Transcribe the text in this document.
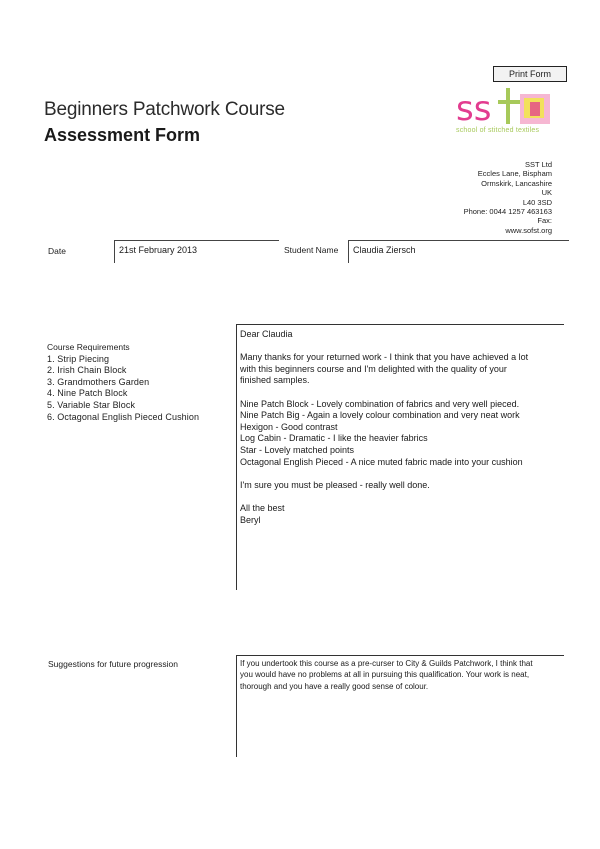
Print Form
Beginners Patchwork Course
Assessment Form
ss
school of stitched textiles
SST Ltd
Eccles Lane, Bispham
Ormskirk, Lancashire
UK
L40 3SD
Phone: 0044 1257 463163
Fax:
www.sofst.org
Date	21st February 2013	Student Name	Claudia Ziersch
Course Requirements
1. Strip Piecing
2. Irish Chain Block
3. Grandmothers Garden
4. Nine Patch Block
5. Variable Star Block
6. Octagonal English Pieced Cushion

Dear Claudia

Many thanks for your returned work - I think that you have achieved a lot
with this beginners course and I'm delighted with the quality of your
finished samples.

Nine Patch Block - Lovely combination of fabrics and very well pieced.
Nine Patch Big - Again a lovely colour combination and very neat work
Hexigon - Good contrast
Log Cabin - Dramatic - I like the heavier fabrics
Star - Lovely matched points
Octagonal English Pieced - A nice muted fabric made into your cushion

I'm sure you must be pleased - really well done.

All the best
Beryl

Suggestions for future progression	If you undertook this course as a pre-curser to City & Guilds Patchwork, I think that
you would have no problems at all in pursuing this qualification. Your work is neat,
thorough and you have a really good sense of colour.
